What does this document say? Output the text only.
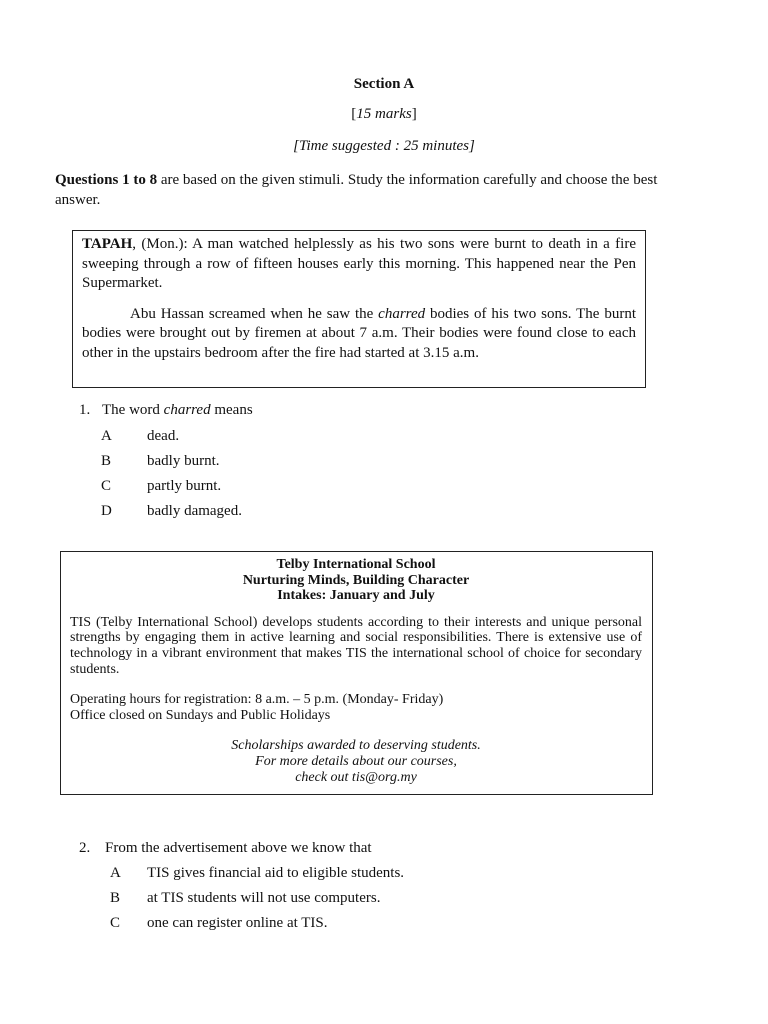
Section A
[15 marks]
[Time suggested : 25 minutes]
Questions 1 to 8 are based on the given stimuli. Study the information carefully and choose the best answer.

TAPAH, (Mon.): A man watched helplessly as his two sons were burnt to death in a fire sweeping through a row of fifteen houses early this morning. This happened near the Pen Supermarket.

Abu Hassan screamed when he saw the charred bodies of his two sons. The burnt bodies were brought out by firemen at about 7 a.m. Their bodies were found close to each other in the upstairs bedroom after the fire had started at 3.15 a.m.

1. The word charred means
A dead.
B badly burnt.
C partly burnt.
D badly damaged.
Telby International School
Nurturing Minds, Building Character
Intakes: January and July
TIS (Telby International School) develops students according to their interests and unique personal strengths by engaging them in active learning and social responsibilities. There is extensive use of technology in a vibrant environment that makes TIS the international school of choice for secondary students.
Operating hours for registration: 8 a.m. – 5 p.m. (Monday- Friday)
Office closed on Sundays and Public Holidays
Scholarships awarded to deserving students.
For more details about our courses,
check out tis@org.my
2. From the advertisement above we know that
A TIS gives financial aid to eligible students.
B at TIS students will not use computers.
C one can register online at TIS.
